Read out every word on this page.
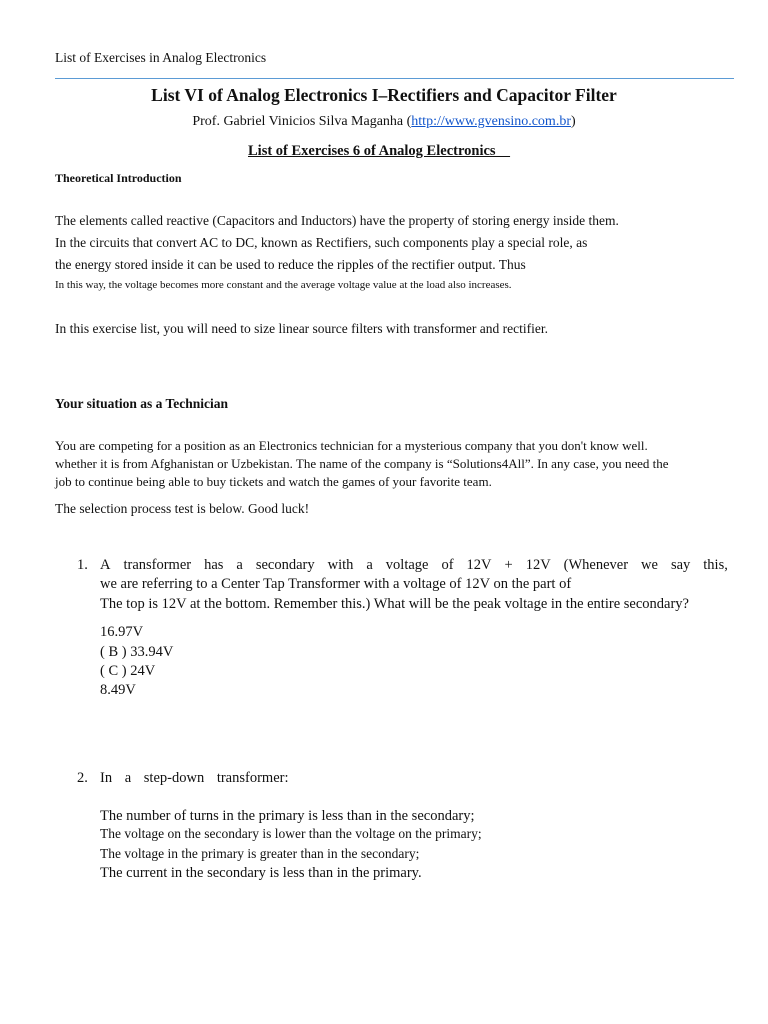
List of Exercises in Analog Electronics
List VI of Analog Electronics I–Rectifiers and Capacitor Filter
Prof. Gabriel Vinicios Silva Maganha (http://www.gvensino.com.br)
List of Exercises 6 of Analog Electronics
Theoretical Introduction
The elements called reactive (Capacitors and Inductors) have the property of storing energy inside them.
In the circuits that convert AC to DC, known as Rectifiers, such components play a special role, as
the energy stored inside it can be used to reduce the ripples of the rectifier output. Thus
In this way, the voltage becomes more constant and the average voltage value at the load also increases.
In this exercise list, you will need to size linear source filters with transformer and rectifier.
Your situation as a Technician
You are competing for a position as an Electronics technician for a mysterious company that you don't know well.
whether it is from Afghanistan or Uzbekistan. The name of the company is “Solutions4All”. In any case, you need the
job to continue being able to buy tickets and watch the games of your favorite team.
The selection process test is below. Good luck!
1. A transformer has a secondary with a voltage of 12V + 12V (Whenever we say this,
we are referring to a Center Tap Transformer with a voltage of 12V on the part of
The top is 12V at the bottom. Remember this.) What will be the peak voltage in the entire secondary?
16.97V
( B ) 33.94V
( C ) 24V
8.49V
2. In a step-down transformer:
The number of turns in the primary is less than in the secondary;
The voltage on the secondary is lower than the voltage on the primary;
The voltage in the primary is greater than in the secondary;
The current in the secondary is less than in the primary.
